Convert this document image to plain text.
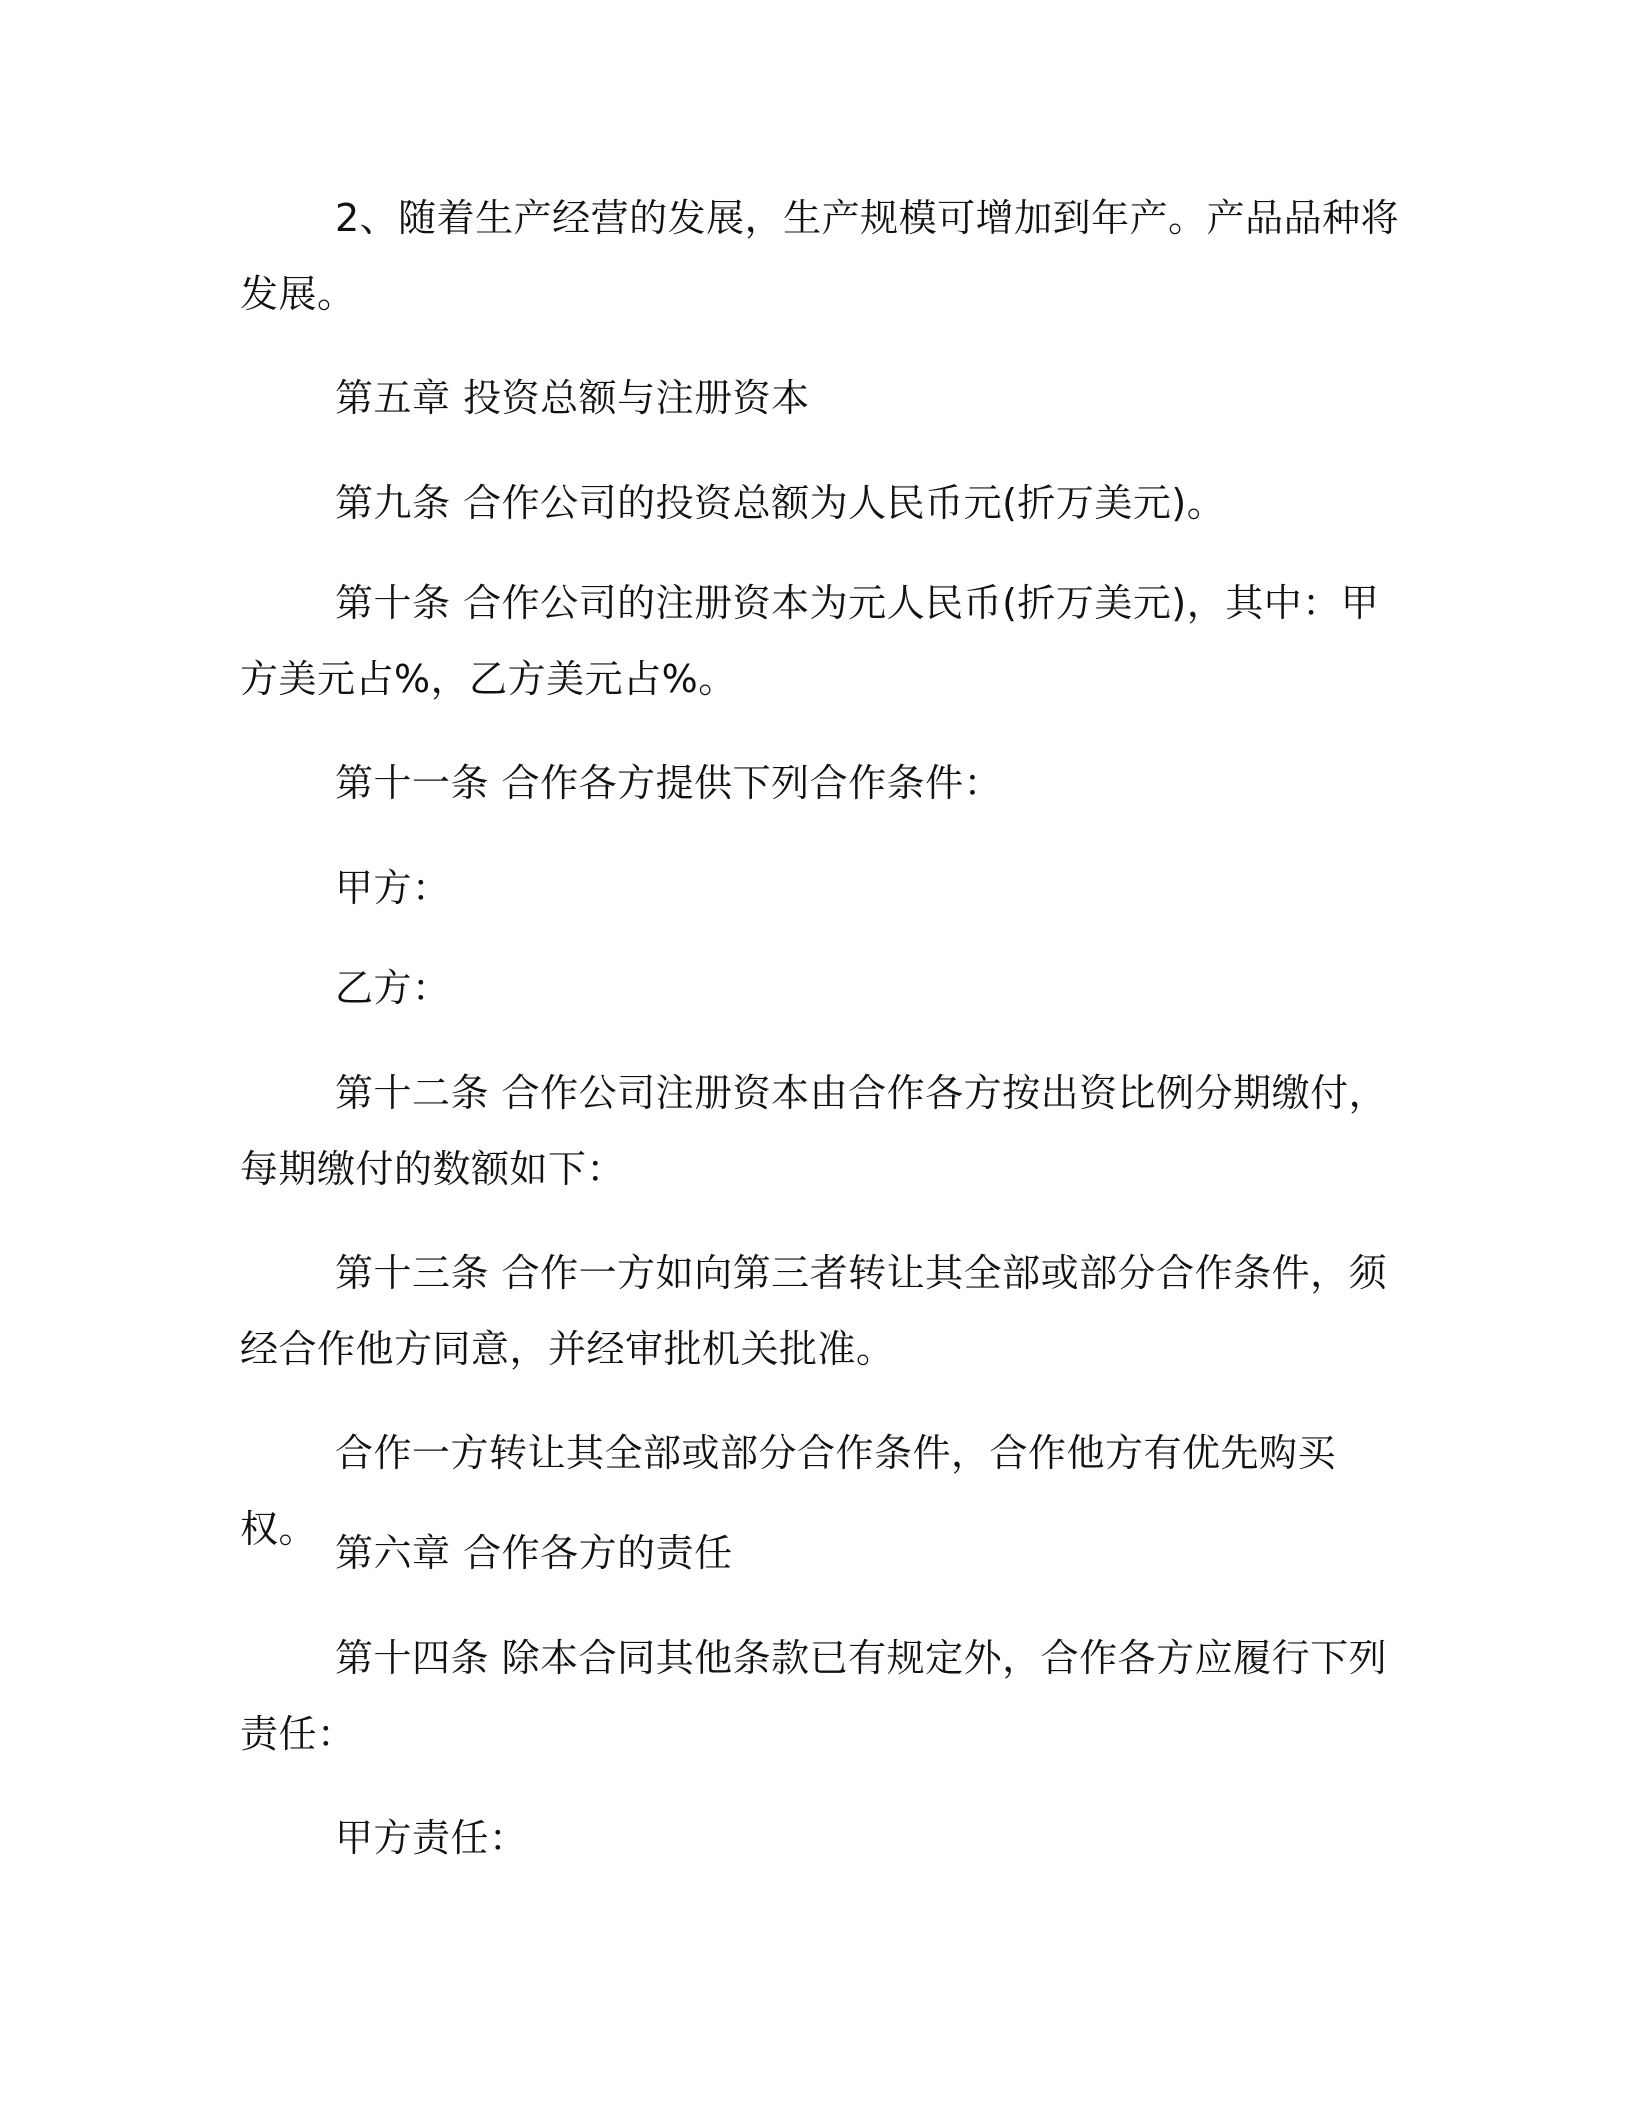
2、随着生产经营的发展，生产规模可增加到年产。产品品种将发展。

第五章 投资总额与注册资本

第九条 合作公司的投资总额为人民币元(折万美元)。

第十条 合作公司的注册资本为元人民币(折万美元)，其中：甲方美元占%，乙方美元占%。

第十一条 合作各方提供下列合作条件：

甲方：

乙方：

第十二条 合作公司注册资本由合作各方按出资比例分期缴付，每期缴付的数额如下：

第十三条 合作一方如向第三者转让其全部或部分合作条件，须经合作他方同意，并经审批机关批准。

合作一方转让其全部或部分合作条件，合作他方有优先购买权。

第六章 合作各方的责任

第十四条 除本合同其他条款已有规定外，合作各方应履行下列责任：

甲方责任：
